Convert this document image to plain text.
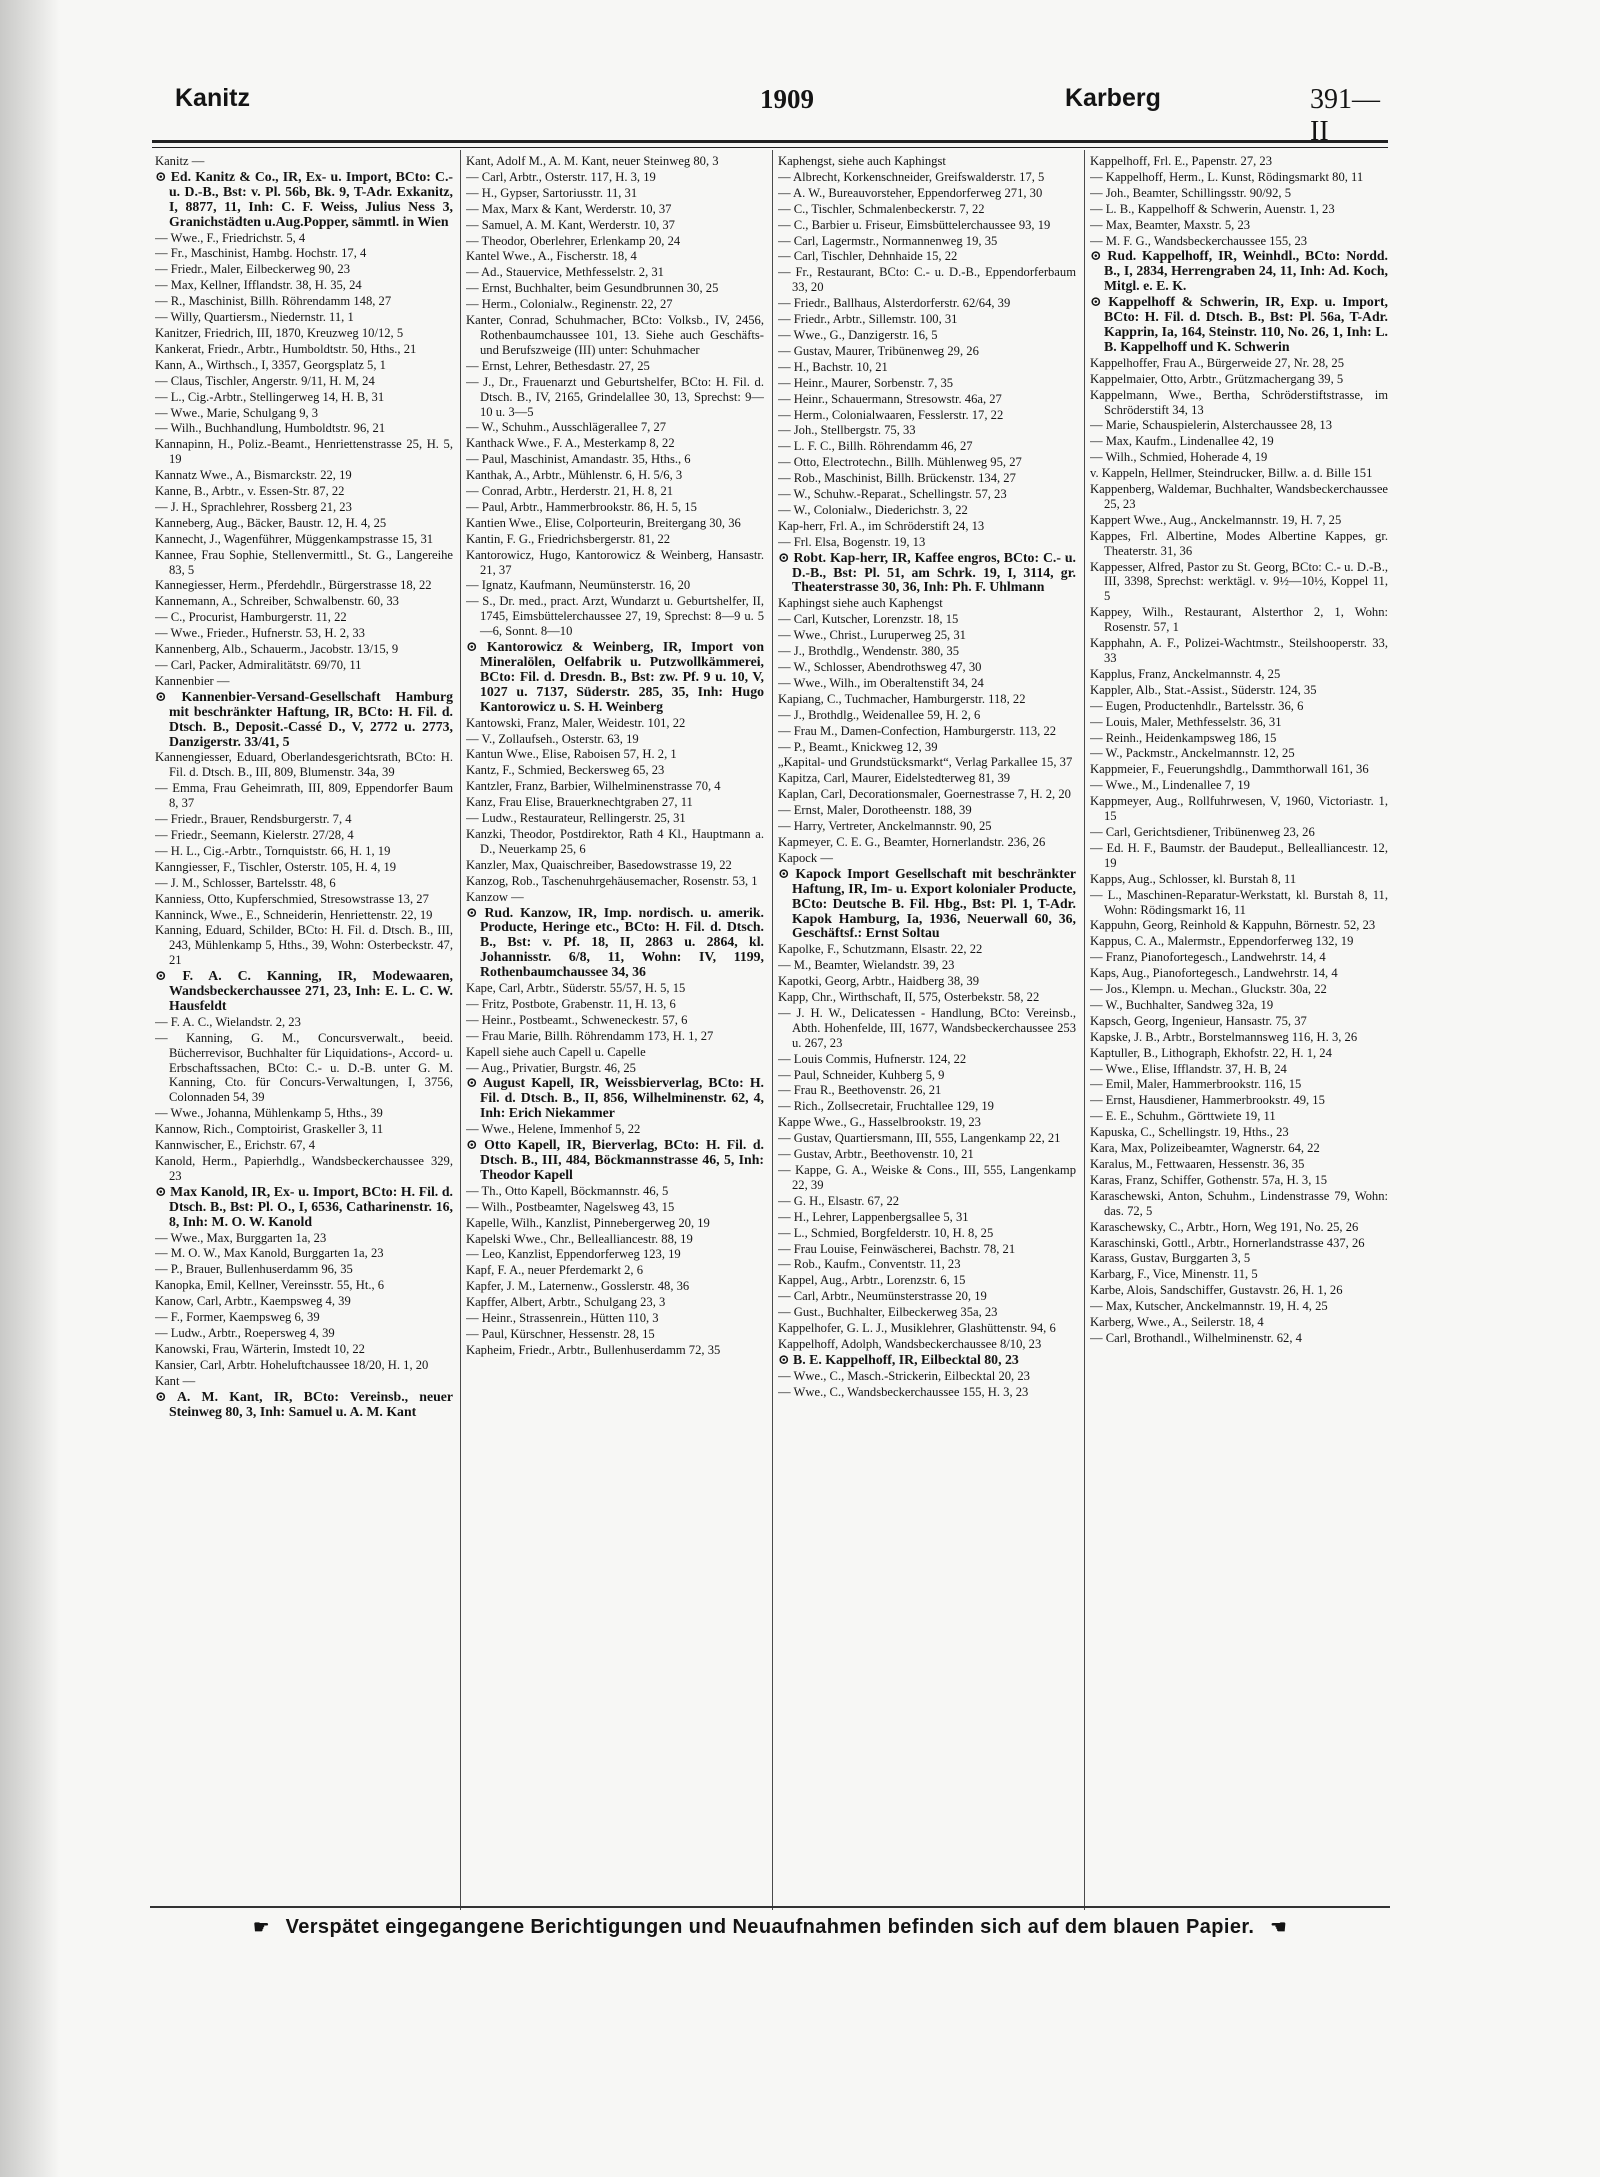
Kanitz	1909	Karberg	391—II
Kanitz —
⊙ Ed. Kanitz & Co., IR, Ex- u. Import, BCto: C.- u. D.-B., Bst: v. Pl. 56b, Bk. 9, T-Adr. Exkanitz, I, 8877, 11, Inh: C. F. Weiss, Julius Ness 3, Granichstädten u.Aug.Popper, sämmtl. in Wien
— Wwe., F., Friedrichstr. 5, 4
— Fr., Maschinist, Hambg. Hochstr. 17, 4
— Friedr., Maler, Eilbeckerweg 90, 23
— Max, Kellner, Ifflandstr. 38, H. 35, 24
— R., Maschinist, Billh. Röhrendamm 148, 27
— Willy, Quartiersm., Niedernstr. 11, 1
Kanitzer, Friedrich, III, 1870, Kreuzweg 10/12, 5
Kankerat, Friedr., Arbtr., Humboldtstr. 50, Hths., 21
Kann, A., Wirthsch., I, 3357, Georgsplatz 5, 1
— Claus, Tischler, Angerstr. 9/11, H. M, 24
— L., Cig.-Arbtr., Stellingerweg 14, H. B, 31
— Wwe., Marie, Schulgang 9, 3
— Wilh., Buchhandlung, Humboldtstr. 96, 21
Kannapinn, H., Poliz.-Beamt., Henriettenstrasse 25, H. 5, 19
Kannatz Wwe., A., Bismarckstr. 22, 19
Kanne, B., Arbtr., v. Essen-Str. 87, 22
— J. H., Sprachlehrer, Rossberg 21, 23
Kanneberg, Aug., Bäcker, Baustr. 12, H. 4, 25
Kannecht, J., Wagenführer, Müggenkampstrasse 15, 31
Kannee, Frau Sophie, Stellenvermittl., St. G., Langereihe 83, 5
Kannegiesser, Herm., Pferdehdlr., Bürgerstrasse 18, 22
Kannemann, A., Schreiber, Schwalbenstr. 60, 33
— C., Procurist, Hamburgerstr. 11, 22
— Wwe., Frieder., Hufnerstr. 53, H. 2, 33
Kannenberg, Alb., Schauerm., Jacobstr. 13/15, 9
— Carl, Packer, Admiralitätstr. 69/70, 11
Kannenbier —
⊙ Kannenbier-Versand-Gesellschaft Hamburg mit beschränkter Haftung, IR, BCto: H. Fil. d. Dtsch. B., Deposit.-Cassé D., V, 2772 u. 2773, Danzigerstr. 33/41, 5
Kannengiesser, Eduard, Oberlandesgerichtsrath, BCto: H. Fil. d. Dtsch. B., III, 809, Blumenstr. 34a, 39
— Emma, Frau Geheimrath, III, 809, Eppendorfer Baum 8, 37
— Friedr., Brauer, Rendsburgerstr. 7, 4
— Friedr., Seemann, Kielerstr. 27/28, 4
— H. L., Cig.-Arbtr., Tornquiststr. 66, H. 1, 19
Kanngiesser, F., Tischler, Osterstr. 105, H. 4, 19
— J. M., Schlosser, Bartelsstr. 48, 6
Kanniess, Otto, Kupferschmied, Stresowstrasse 13, 27
Kanninck, Wwe., E., Schneiderin, Henriettenstr. 22, 19
Kanning, Eduard, Schilder, BCto: H. Fil. d. Dtsch. B., III, 243, Mühlenkamp 5, Hths., 39, Wohn: Osterbeckstr. 47, 21
⊙ F. A. C. Kanning, IR, Modewaaren, Wandsbeckerchaussee 271, 23, Inh: E. L. C. W. Hausfeldt
— F. A. C., Wielandstr. 2, 23
— Kanning, G. M., Concursverwalt., beeid. Bücherrevisor, Buchhalter für Liquidations-, Accord- u. Erbschaftssachen, BCto: C.- u. D.-B. unter G. M. Kanning, Cto. für Concurs-Verwaltungen, I, 3756, Colonnaden 54, 39
— Wwe., Johanna, Mühlenkamp 5, Hths., 39
Kannow, Rich., Comptoirist, Graskeller 3, 11
Kannwischer, E., Erichstr. 67, 4
Kanold, Herm., Papierhdlg., Wandsbeckerchaussee 329, 23
⊙ Max Kanold, IR, Ex- u. Import, BCto: H. Fil. d. Dtsch. B., Bst: Pl. O., I, 6536, Catharinenstr. 16, 8, Inh: M. O. W. Kanold
— Wwe., Max, Burggarten 1a, 23
— M. O. W., Max Kanold, Burggarten 1a, 23
— P., Brauer, Bullenhuserdamm 96, 35
Kanopka, Emil, Kellner, Vereinsstr. 55, Ht., 6
Kanow, Carl, Arbtr., Kaempsweg 4, 39
— F., Former, Kaempsweg 6, 39
— Ludw., Arbtr., Roepersweg 4, 39
Kanowski, Frau, Wärterin, Imstedt 10, 22
Kansier, Carl, Arbtr. Hoheluftchaussee 18/20, H. 1, 20
Kant —
⊙ A. M. Kant, IR, BCto: Vereinsb., neuer Steinweg 80, 3, Inh: Samuel u. A. M. Kant
Kant, Adolf M., A. M. Kant, neuer Steinweg 80, 3
— Carl, Arbtr., Osterstr. 117, H. 3, 19
— H., Gypser, Sartoriusstr. 11, 31
— Max, Marx & Kant, Werderstr. 10, 37
— Samuel, A. M. Kant, Werderstr. 10, 37
— Theodor, Oberlehrer, Erlenkamp 20, 24
Kantel Wwe., A., Fischerstr. 18, 4
— Ad., Stauervice, Methfesselstr. 2, 31
— Ernst, Buchhalter, beim Gesundbrunnen 30, 25
— Herm., Colonialw., Reginenstr. 22, 27
Kanter, Conrad, Schuhmacher, BCto: Volksb., IV, 2456, Rothenbaumchaussee 101, 13. Siehe auch Geschäfts- und Berufszweige (III) unter: Schuhmacher
— Ernst, Lehrer, Bethesdastr. 27, 25
— J., Dr., Frauenarzt und Geburtshelfer, BCto: H. Fil. d. Dtsch. B., IV, 2165, Grindelallee 30, 13, Sprechst: 9—10 u. 3—5
— W., Schuhm., Ausschlägerallee 7, 27
Kanthack Wwe., F. A., Mesterkamp 8, 22
— Paul, Maschinist, Amandastr. 35, Hths., 6
Kanthak, A., Arbtr., Mühlenstr. 6, H. 5/6, 3
— Conrad, Arbtr., Herderstr. 21, H. 8, 21
— Paul, Arbtr., Hammerbrookstr. 86, H. 5, 15
Kantien Wwe., Elise, Colporteurin, Breitergang 30, 36
Kantin, F. G., Friedrichsbergerstr. 81, 22
Kantorowicz, Hugo, Kantorowicz & Weinberg, Hansastr. 21, 37
— Ignatz, Kaufmann, Neumünsterstr. 16, 20
— S., Dr. med., pract. Arzt, Wundarzt u. Geburtshelfer, II, 1745, Eimsbüttelerchaussee 27, 19, Sprechst: 8—9 u. 5—6, Sonnt. 8—10
⊙ Kantorowicz & Weinberg, IR, Import von Mineralölen, Oelfabrik u. Putzwollkämmerei, BCto: Fil. d. Dresdn. B., Bst: zw. Pf. 9 u. 10, V, 1027 u. 7137, Süderstr. 285, 35, Inh: Hugo Kantorowicz u. S. H. Weinberg
Kantowski, Franz, Maler, Weidestr. 101, 22
— V., Zollaufseh., Osterstr. 63, 19
Kantun Wwe., Elise, Raboisen 57, H. 2, 1
Kantz, F., Schmied, Beckersweg 65, 23
Kantzler, Franz, Barbier, Wilhelminenstrasse 70, 4
Kanz, Frau Elise, Brauerknechtgraben 27, 11
— Ludw., Restaurateur, Rellingerstr. 25, 31
Kanzki, Theodor, Postdirektor, Rath 4 Kl., Hauptmann a. D., Neuerkamp 25, 6
Kanzler, Max, Quaischreiber, Basedowstrasse 19, 22
Kanzog, Rob., Taschenuhrgehäusemacher, Rosenstr. 53, 1
Kanzow —
⊙ Rud. Kanzow, IR, Imp. nordisch. u. amerik. Producte, Heringe etc., BCto: H. Fil. d. Dtsch. B., Bst: v. Pf. 18, II, 2863 u. 2864, kl. Johannisstr. 6/8, 11, Wohn: IV, 1199, Rothenbaumchaussee 34, 36
Kape, Carl, Arbtr., Süderstr. 55/57, H. 5, 15
— Fritz, Postbote, Grabenstr. 11, H. 13, 6
— Heinr., Postbeamt., Schweneckestr. 57, 6
— Frau Marie, Billh. Röhrendamm 173, H. 1, 27
Kapell siehe auch Capell u. Capelle
— Aug., Privatier, Burgstr. 46, 25
⊙ August Kapell, IR, Weissbierverlag, BCto: H. Fil. d. Dtsch. B., II, 856, Wilhelminenstr. 62, 4, Inh: Erich Niekammer
— Wwe., Helene, Immenhof 5, 22
⊙ Otto Kapell, IR, Bierverlag, BCto: H. Fil. d. Dtsch. B., III, 484, Böckmannstrasse 46, 5, Inh: Theodor Kapell
— Th., Otto Kapell, Böckmannstr. 46, 5
— Wilh., Postbeamter, Nagelsweg 43, 15
Kapelle, Wilh., Kanzlist, Pinnebergerweg 20, 19
Kapelski Wwe., Chr., Bellealliancestr. 88, 19
— Leo, Kanzlist, Eppendorferweg 123, 19
Kapf, F. A., neuer Pferdemarkt 2, 6
Kapfer, J. M., Laternenw., Gosslerstr. 48, 36
Kapffer, Albert, Arbtr., Schulgang 23, 3
— Heinr., Strassenrein., Hütten 110, 3
— Paul, Kürschner, Hessenstr. 28, 15
Kapheim, Friedr., Arbtr., Bullenhuserdamm 72, 35
Kaphengst, siehe auch Kaphingst
— Albrecht, Korkenschneider, Greifswalderstr. 17, 5
— A. W., Bureauvorsteher, Eppendorferweg 271, 30
— C., Tischler, Schmalenbeckerstr. 7, 22
— C., Barbier u. Friseur, Eimsbüttelerchaussee 93, 19
— Carl, Lagermstr., Normannenweg 19, 35
— Carl, Tischler, Dehnhaide 15, 22
— Fr., Restaurant, BCto: C.- u. D.-B., Eppendorferbaum 33, 20
— Friedr., Ballhaus, Alsterdorferstr. 62/64, 39
— Friedr., Arbtr., Sillemstr. 100, 31
— Wwe., G., Danzigerstr. 16, 5
— Gustav, Maurer, Tribünenweg 29, 26
— H., Bachstr. 10, 21
— Heinr., Maurer, Sorbenstr. 7, 35
— Heinr., Schauermann, Stresowstr. 46a, 27
— Herm., Colonialwaaren, Fesslerstr. 17, 22
— Joh., Stellbergstr. 75, 33
— L. F. C., Billh. Röhrendamm 46, 27
— Otto, Electrotechn., Billh. Mühlenweg 95, 27
— Rob., Maschinist, Billh. Brückenstr. 134, 27
— W., Schuhw.-Reparat., Schellingstr. 57, 23
— W., Colonialw., Diederichstr. 3, 22
Kap-herr, Frl. A., im Schröderstift 24, 13
— Frl. Elsa, Bogenstr. 19, 13
⊙ Robt. Kap-herr, IR, Kaffee engros, BCto: C.- u. D.-B., Bst: Pl. 51, am Schrk. 19, I, 3114, gr. Theaterstrasse 30, 36, Inh: Ph. F. Uhlmann
Kaphingst siehe auch Kaphengst
— Carl, Kutscher, Lorenzstr. 18, 15
— Wwe., Christ., Luruperweg 25, 31
— J., Brothdlg., Wendenstr. 380, 35
— W., Schlosser, Abendrothsweg 47, 30
— Wwe., Wilh., im Oberaltenstift 34, 24
Kapiang, C., Tuchmacher, Hamburgerstr. 118, 22
— J., Brothdlg., Weidenallee 59, H. 2, 6
— Frau M., Damen-Confection, Hamburgerstr. 113, 22
— P., Beamt., Knickweg 12, 39
„Kapital- und Grundstücksmarkt“, Verlag Parkallee 15, 37
Kapitza, Carl, Maurer, Eidelstedterweg 81, 39
Kaplan, Carl, Decorationsmaler, Goernestrasse 7, H. 2, 20
— Ernst, Maler, Dorotheenstr. 188, 39
— Harry, Vertreter, Anckelmannstr. 90, 25
Kapmeyer, C. E. G., Beamter, Hornerlandstr. 236, 26
Kapock —
⊙ Kapock Import Gesellschaft mit beschränkter Haftung, IR, Im- u. Export kolonialer Producte, BCto: Deutsche B. Fil. Hbg., Bst: Pl. 1, T-Adr. Kapok Hamburg, Ia, 1936, Neuerwall 60, 36, Geschäftsf.: Ernst Soltau
Kapolke, F., Schutzmann, Elsastr. 22, 22
— M., Beamter, Wielandstr. 39, 23
Kapotki, Georg, Arbtr., Haidberg 38, 39
Kapp, Chr., Wirthschaft, II, 575, Osterbekstr. 58, 22
— J. H. W., Delicatessen - Handlung, BCto: Vereinsb., Abth. Hohenfelde, III, 1677, Wandsbeckerchaussee 253 u. 267, 23
— Louis Commis, Hufnerstr. 124, 22
— Paul, Schneider, Kuhberg 5, 9
— Frau R., Beethovenstr. 26, 21
— Rich., Zollsecretair, Fruchtallee 129, 19
Kappe Wwe., G., Hasselbrookstr. 19, 23
— Gustav, Quartiersmann, III, 555, Langenkamp 22, 21
— Gustav, Arbtr., Beethovenstr. 10, 21
— Kappe, G. A., Weiske & Cons., III, 555, Langenkamp 22, 39
— G. H., Elsastr. 67, 22
— H., Lehrer, Lappenbergsallee 5, 31
— L., Schmied, Borgfelderstr. 10, H. 8, 25
— Frau Louise, Feinwäscherei, Bachstr. 78, 21
— Rob., Kaufm., Conventstr. 11, 23
Kappel, Aug., Arbtr., Lorenzstr. 6, 15
— Carl, Arbtr., Neumünsterstrasse 20, 19
— Gust., Buchhalter, Eilbeckerweg 35a, 23
Kappelhofer, G. L. J., Musiklehrer, Glashüttenstr. 94, 6
Kappelhoff, Adolph, Wandsbeckerchaussee 8/10, 23
⊙ B. E. Kappelhoff, IR, Eilbecktal 80, 23
— Wwe., C., Masch.-Strickerin, Eilbecktal 20, 23
— Wwe., C., Wandsbeckerchaussee 155, H. 3, 23
Kappelhoff, Frl. E., Papenstr. 27, 23
— Kappelhoff, Herm., L. Kunst, Rödingsmarkt 80, 11
— Joh., Beamter, Schillingsstr. 90/92, 5
— L. B., Kappelhoff & Schwerin, Auenstr. 1, 23
— Max, Beamter, Maxstr. 5, 23
— M. F. G., Wandsbeckerchaussee 155, 23
⊙ Rud. Kappelhoff, IR, Weinhdl., BCto: Nordd. B., I, 2834, Herrengraben 24, 11, Inh: Ad. Koch, Mitgl. e. E. K.
⊙ Kappelhoff & Schwerin, IR, Exp. u. Import, BCto: H. Fil. d. Dtsch. B., Bst: Pl. 56a, T-Adr. Kapprin, Ia, 164, Steinstr. 110, No. 26, 1, Inh: L. B. Kappelhoff und K. Schwerin
Kappelhoffer, Frau A., Bürgerweide 27, Nr. 28, 25
Kappelmaier, Otto, Arbtr., Grützmachergang 39, 5
Kappelmann, Wwe., Bertha, Schröderstiftstrasse, im Schröderstift 34, 13
— Marie, Schauspielerin, Alsterchaussee 28, 13
— Max, Kaufm., Lindenallee 42, 19
— Wilh., Schmied, Hoherade 4, 19
v. Kappeln, Hellmer, Steindrucker, Billw. a. d. Bille 151
Kappenberg, Waldemar, Buchhalter, Wandsbeckerchaussee 25, 23
Kappert Wwe., Aug., Anckelmannstr. 19, H. 7, 25
Kappes, Frl. Albertine, Modes Albertine Kappes, gr. Theaterstr. 31, 36
Kappesser, Alfred, Pastor zu St. Georg, BCto: C.- u. D.-B., III, 3398, Sprechst: werktägl. v. 9½—10½, Koppel 11, 5
Kappey, Wilh., Restaurant, Alsterthor 2, 1, Wohn: Rosenstr. 57, 1
Kapphahn, A. F., Polizei-Wachtmstr., Steilshooperstr. 33, 33
Kapplus, Franz, Anckelmannstr. 4, 25
Kappler, Alb., Stat.-Assist., Süderstr. 124, 35
— Eugen, Productenhdlr., Bartelsstr. 36, 6
— Louis, Maler, Methfesselstr. 36, 31
— Reinh., Heidenkampsweg 186, 15
— W., Packmstr., Anckelmannstr. 12, 25
Kappmeier, F., Feuerungshdlg., Dammthorwall 161, 36
— Wwe., M., Lindenallee 7, 19
Kappmeyer, Aug., Rollfuhrwesen, V, 1960, Victoriastr. 1, 15
— Carl, Gerichtsdiener, Tribünenweg 23, 26
— Ed. H. F., Baumstr. der Baudeput., Bellealliancestr. 12, 19
Kapps, Aug., Schlosser, kl. Burstah 8, 11
— L., Maschinen-Reparatur-Werkstatt, kl. Burstah 8, 11, Wohn: Rödingsmarkt 16, 11
Kappuhn, Georg, Reinhold & Kappuhn, Börnestr. 52, 23
Kappus, C. A., Malermstr., Eppendorferweg 132, 19
— Franz, Pianofortegesch., Landwehrstr. 14, 4
Kaps, Aug., Pianofortegesch., Landwehrstr. 14, 4
— Jos., Klempn. u. Mechan., Gluckstr. 30a, 22
— W., Buchhalter, Sandweg 32a, 19
Kapsch, Georg, Ingenieur, Hansastr. 75, 37
Kapske, J. B., Arbtr., Borstelmannsweg 116, H. 3, 26
Kaptuller, B., Lithograph, Ekhofstr. 22, H. 1, 24
— Wwe., Elise, Ifflandstr. 37, H. B, 24
— Emil, Maler, Hammerbrookstr. 116, 15
— Ernst, Hausdiener, Hammerbrookstr. 49, 15
— E. E., Schuhm., Görttwiete 19, 11
Kapuska, C., Schellingstr. 19, Hths., 23
Kara, Max, Polizeibeamter, Wagnerstr. 64, 22
Karalus, M., Fettwaaren, Hessenstr. 36, 35
Karas, Franz, Schiffer, Gothenstr. 57a, H. 3, 15
Karaschewski, Anton, Schuhm., Lindenstrasse 79, Wohn: das. 72, 5
Karaschewsky, C., Arbtr., Horn, Weg 191, No. 25, 26
Karaschinski, Gottl., Arbtr., Hornerlandstrasse 437, 26
Karass, Gustav, Burggarten 3, 5
Karbarg, F., Vice, Minenstr. 11, 5
Karbe, Alois, Sandschiffer, Gustavstr. 26, H. 1, 26
— Max, Kutscher, Anckelmannstr. 19, H. 4, 25
Karberg, Wwe., A., Seilerstr. 18, 4
— Carl, Brothandl., Wilhelminenstr. 62, 4
☛ Verspätet eingegangene Berichtigungen und Neuaufnahmen befinden sich auf dem blauen Papier. ☚
